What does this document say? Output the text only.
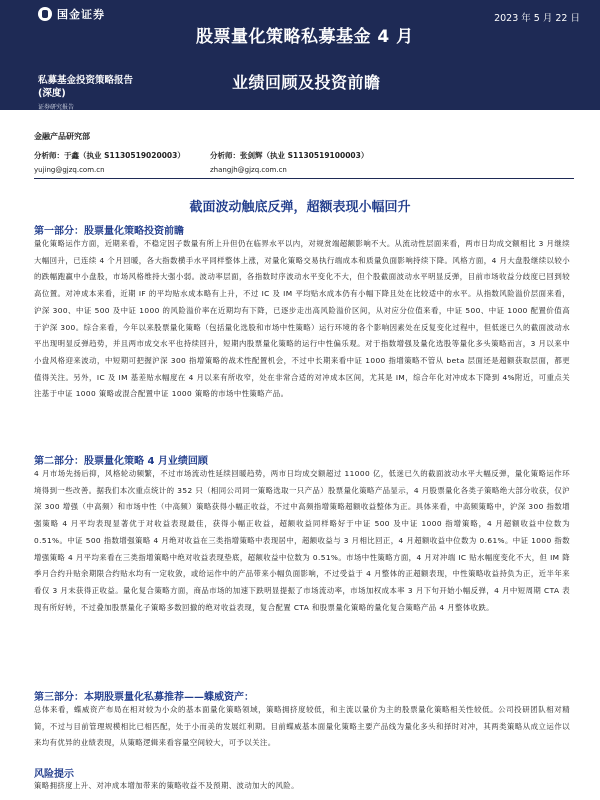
国金证券	2023 年 5 月 22 日
股票量化策略私募基金 4 月
业绩回顾及投资前瞻
私募基金投资策略报告
(深度)
证券研究报告
金融产品研究部
分析师：于鑫（执业 S1130519020003）	分析师：张剑辉（执业 S1130519100003）
yujing@gjzq.com.cn	zhangjh@gjzq.com.cn
截面波动触底反弹，超额表现小幅回升
第一部分：股票量化策略投资前瞻
量化策略运作方面，近期来看，不稳定因子数量有所上升但仍在临界水平以内，对规赏端超额影响不大。从流动性层面来看，两市日均成交额相比 3 月继续大幅回升，已连续 4 个月回暖，各大指数横手水平同样整体上涨，对量化策略交易执行端成本和质量负面影响持续下降。风格方面，4 月大盘股继续以较小的跌幅跑赢中小盘股，市场风格维持大强小弱。波动率层面，各指数时序波动水平变化不大，但个股截面波动水平明显反弹，目前市场收益分歧度已回到较高位置。对冲成本来看，近期 IF 的平均贴水成本略有上升，不过 IC 及 IM 平均贴水成本仍有小幅下降且处在比较适中的水平。从指数风险溢价层面来看，沪深 300、中证 500 及中证 1000 的风险溢价率在近期均有下降，已逐步走出高风险溢价区间，从对应分位值来看，中证 500、中证 1000 配置价值高于沪深 300。综合来看，今年以来股票量化策略（包括量化选股和市场中性策略）运行环境的各个影响因素处在反复变化过程中，但低迷已久的截面波动水平出现明显反弹趋势，并且两市成交水平也持续回升，短期内股票量化策略的运行中性偏乐观。对于指数增强及量化选股等量化多头策略而言，3 月以来中小盘风格迎来波动，中短期可把握沪深 300 指增策略的战术性配置机会，不过中长期来看中证 1000 指增策略不管从 beta 层面还是超额获取层面，都更值得关注。另外，IC 及 IM 基差贴水幅度在 4 月以来有所收窄，处在非常合适的对冲成本区间，尤其是 IM，综合年化对冲成本下降到 4%附近，可重点关注基于中证 1000 策略或混合配置中证 1000 策略的市场中性策略产品。
第二部分：股票量化策略 4 月业绩回顾
4 月市场先扬后抑，风格轮动频繁，不过市场流动性延续回暖趋势，两市日均成交额超过 11000 亿，低迷已久的截面波动水平大幅反弹，量化策略运作环境得到一些改善。据我们本次重点统计的 352 只（相同公司同一策略选取一只产品）股票量化策略产品显示，4 月股票量化各类子策略绝大部分收获，仅沪深 300 增强（中高频）和市场中性（中高频）策略获得小幅正收益，不过中高频指增策略超额收益整体为正。具体来看，中高频策略中，沪深 300 指数增强策略 4 月平均表现显著优于对收益表现最佳，获得小幅正收益，超额收益同样略好于中证 500 及中证 1000 指增策略，4 月超额收益中位数为 0.51%。中证 500 指数增强策略 4 月绝对收益在三类指增策略中表现居中，超额收益与 3 月相比回正，4 月超额收益中位数为 0.61%。中证 1000 指数增强策略 4 月平均来看在三类指增策略中绝对收益表现垫底，超额收益中位数为 0.51%。市场中性策略方面，4 月对冲端 IC 贴水幅度变化不大，但 IM 降季月合约升贴余期限合约贴水均有一定收敛，或给运作中的产品带来小幅负面影响，不过受益于 4 月整体的正超额表现，中性策略收益持负为正，近半年来看仅 3 月未获得正收益。量化复合策略方面，商品市场的加速下跌明显提振了市场流动率，市场加权成本率 3 月下句开始小幅反弹，4 月中短周期 CTA 表现有所好转，不过叠加股票量化子策略多数回撤的绝对收益表现，复合配置 CTA 和股票量化策略的量化复合策略产品 4 月整体收跌。
第三部分：本期股票量化私募推荐——蝶威资产：
总体来看，蝶威资产布局在相对较为小众的基本面量化策略领域，策略拥挤度较低，和主流以量价为主的股票量化策略相关性较低。公司投研团队相对精简，不过与目前管理规模相比已相匹配，处于小而美的发展红利期。目前蝶威基本面量化策略主要产品线为量化多头和择时对冲，其两类策略从成立运作以来均有优异的业绩表现，从策略逻辑来看容量空间较大，可予以关注。
风险提示
策略拥挤度上升、对冲成本增加带来的策略收益不及预期、波动加大的风险。
